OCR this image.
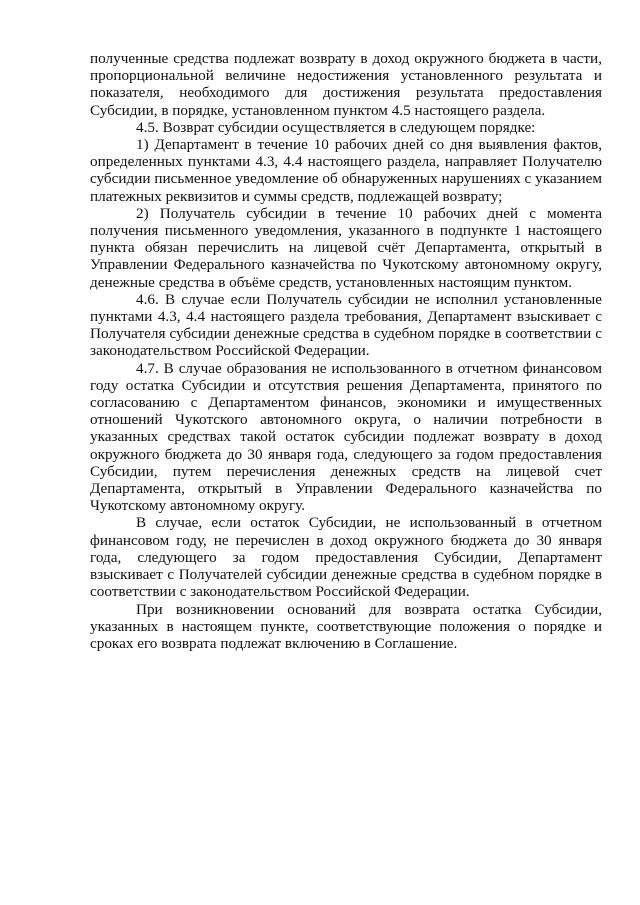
полученные средства подлежат возврату в доход окружного бюджета в части, пропорциональной величине недостижения установленного результата и показателя, необходимого для достижения результата предоставления Субсидии, в порядке, установленном пунктом 4.5 настоящего раздела.

4.5. Возврат субсидии осуществляется в следующем порядке:

1) Департамент в течение 10 рабочих дней со дня выявления фактов, определенных пунктами 4.3, 4.4 настоящего раздела, направляет Получателю субсидии письменное уведомление об обнаруженных нарушениях с указанием платежных реквизитов и суммы средств, подлежащей возврату;

2) Получатель субсидии в течение 10 рабочих дней с момента получения письменного уведомления, указанного в подпункте 1 настоящего пункта обязан перечислить на лицевой счёт Департамента, открытый в Управлении Федерального казначейства по Чукотскому автономному округу, денежные средства в объёме средств, установленных настоящим пунктом.

4.6. В случае если Получатель субсидии не исполнил установленные пунктами 4.3, 4.4 настоящего раздела требования, Департамент взыскивает с Получателя субсидии денежные средства в судебном порядке в соответствии с законодательством Российской Федерации.

4.7. В случае образования не использованного в отчетном финансовом году остатка Субсидии и отсутствия решения Департамента, принятого по согласованию с Департаментом финансов, экономики и имущественных отношений Чукотского автономного округа, о наличии потребности в указанных средствах такой остаток субсидии подлежат возврату в доход окружного бюджета до 30 января года, следующего за годом предоставления Субсидии, путем перечисления денежных средств на лицевой счет Департамента, открытый в Управлении Федерального казначейства по Чукотскому автономному округу.

В случае, если остаток Субсидии, не использованный в отчетном финансовом году, не перечислен в доход окружного бюджета до 30 января года, следующего за годом предоставления Субсидии, Департамент взыскивает с Получателей субсидии денежные средства в судебном порядке в соответствии с законодательством Российской Федерации.

При возникновении оснований для возврата остатка Субсидии, указанных в настоящем пункте, соответствующие положения о порядке и сроках его возврата подлежат включению в Соглашение.
